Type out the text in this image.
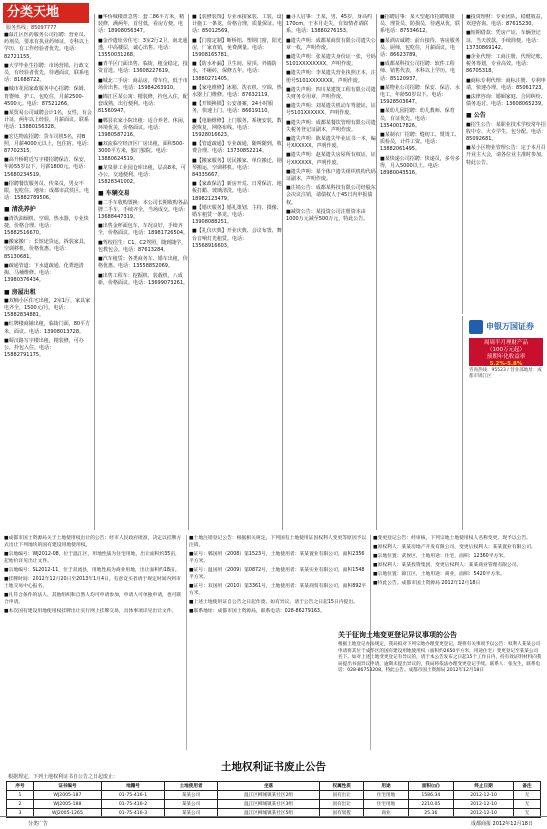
分类天地
服务热线：85097777

■温江区医药服务公司招聘：营业员、药剂员，要求有执业药师证，专科以上学历，有工作经验者优先。电话：82721155。

■大学毕业生招聘：市场营销、行政文员，有经验者优先，待遇面议，联系电话：81688722。

■城市花园家政服务中心招聘：保姆、育婴师、护工，包吃住，月薪2500-4500元。电话：87521266。

■某贸易公司诚聘会计1名，女性，有会计证，两年以上经验，月薪面议。联系电话：13880156328。

■宏达物流招聘：货车司机5名，持B照，月薪4000元以上，包住宿。电话：87702315。

■高升桥附近写字楼招聘保洁、保安，年龄55岁以下，月薪1800元。电话：15680234519。

■招聘餐饮服务员、传菜员，男女不限，包吃住。地址：成都市武侯区。电话：15882789506。

■ 清洗养护

■清洗油烟机、空调、热水器，专业快捷，价格合理。电话：15882516670。

■搬家搬厂：长短途货运，拆装家具，空调移机，价格优惠。电话：85130681。

■疏通管道：下水道疏通、化粪池清掏、马桶维修。电话：13980376434。

■ 房屋出租

■双楠小区住宅出租，2室1厅，家具家电齐全，1500元/月。电话：15882834881。

■红牌楼商铺出租，临街门面，80平方米，面议。电话：13908013728。

■蜀汉路写字楼出租，精装修，可办公，拎包入住。电话：15882791175。

■华侨城楼盘急售：套二86平方米，精装修，满两年，首付低，看房方便。电话：18908056347。

■金沙遗址旁住宅：3室2厅2卫，南北通透，中高楼层，诚心出售。电话：13550031268。

■青羊区门面出售，临街，租金稳定，投资首选。电话：13608227619。

■城北二手房：商品房，带车位，低于市场价出售。电话：15984263910。

■锦江区某公寓：精装修，拎包入住，配套成熟，出行便利。电话：81560947。

■郫县农家小院出租：适合养老、休闲，环境优美，价格面议。电话：13980587216。

■双流临空经济区厂房出租，面积500-3000平方米，独门独院。电话：13880624519。

■龙泉驿工业园仓库出租，层高8米，可办公，交通便利。电话：15828341002。

■ 车辆交易

■二手车收购置换：本公司长期收购各品牌二手车，手续齐全，当场成交。电话：13688447319。

■出售金杯面包车，车况良好，手续齐全，价格面议。电话：18981726504。

■驾校招生：C1、C2驾照，随到随学，包教包会。电话：87613284。

■汽车租赁：各类商务车、婚车出租，价格优惠。电话：13558852069。

■出售工程车：挖掘机、装载机，八成新，价格面议。电话：13699073261。

■【装修装饰】专业承接家装、工装，设计施工一条龙，价格合理，质量保证。电话：85012569。

■【门窗定制】断桥铝、塑钢门窗，阳光房，厂家直销，免费测量。电话：15908165781。

■【防水补漏】卫生间、屋顶、外墙防水，不砸砖，保修五年。电话：13880271405。

■【家电维修】冰箱、洗衣机、空调、热水器上门维修。电话：87632119。

■【开锁换锁】公安备案，24小时服务，快速上门。电话：86619110。

■【电脑维修】上门服务，系统安装，数据恢复，网络布线。电话：15928016623。

■【管道疏通】专业疏通，随叫随到，收费合理。电话：13730852214。

■【搬家服务】居民搬家、单位搬迁，钢琴搬运，空调移机。电话：84335667。

■【家政保洁】新房开荒、日常保洁、地板打蜡、玻璃清洗。电话：18982123479。

■【婚庆服务】婚礼策划、主持、摄像、婚车租赁一条龙。电话：13908088251。

■【礼仪庆典】开业庆典、会议布置、舞台音响灯光租赁。电话：13568916603。

■寻人启事：王某，男，45岁，身高约170cm，于本月走失，有知情者请联系。电话：13880276153。

■遗失声明：成都某商贸有限公司遗失公章一枚，声明作废。

■遗失声明：张某遗失身份证一张，号码5101XXXXXXXX，声明作废。

■遗失声明：李某遗失营业执照正本，注册号5101XXXXXXX，声明作废。

■遗失声明：四川某建筑工程有限公司遗失财务专用章，声明作废。

■遗失声明：刘某遗失机动车驾驶证，证号5101XXXXXX，声明作废。

■遗失声明：成都某餐饮管理有限公司遗失税务登记证副本，声明作废。

■遗失声明：陈某遗失毕业证书一本，编号XXXXXX，声明作废。

■遗失声明：赵某遗失房屋所有权证，证号XXXXXX，声明作废。

■遗失声明：某个体户遗失组织机构代码证副本，声明作废。

■注销公告：成都某科技有限公司经股东会决议注销，请债权人于45日内申报债权。

■减资公告：某投资公司注册资本由1000万元减至500万元，特此公告。

■招聘启事：某大型超市招聘收银员、理货员、防损员，待遇从优，联系电话：87534612。

■某酒店诚聘：前台接待、客房服务员、厨师，包吃住，月薪面议。电话：86623789。

■成都某科技公司招聘：软件工程师、销售代表，本科以上学历。电话：85120937。

■某物业公司招聘：保安、保洁、水电工，年龄50岁以下。电话：15928503647。

■某幼儿园招聘：幼儿教师、保育员，有证优先。电话：13540017826。

■某制衣厂招聘：缝纫工、熨烫工、质检员，计件工资。电话：13882061495。

■某快递公司招聘：快递员，多劳多得，月入5000以上。电话：18980043516。

■投资理财：专业团队，稳健收益，欢迎咨询。电话：87615230。

■短期借款：凭房产证、车辆登记证，当天放款，手续简便。电话：13730869142。

■企业代理：工商注册、代理记账、税务筹划，专业高效。电话：86705318。

■商标专利代理：商标注册、专利申请，快速办理。电话：85061723。

■法律咨询：婚姻家庭、合同纠纷、债务追讨。电话：13608065239。

■ 公告

■招生公告：某职业技术学校常年招收中专、大专学生，包分配。电话：85092681。

■某小区物业管理公告：定于本月召开业主大会，请各位业主准时参加。特此公告。

申银万国证券
周周半月理财产品
（100万元起）
预期年化收益率
5.2%-5.8%
咨询热线：95523 / 营业部地址：成都市锦江区

■成都市国土资源局关于土地使用权出让的公告：经市人民政府批准，决定以挂牌方式出让下列地块的国有建设用地使用权。

■宗地编号：WJ2012-08，位于温江区，用地性质为住宅用地，出让面积约35亩，起始价详见出让文件。

■宗地编号：SL2012-11，位于双流县，用地性质为商业用地，出让面积约18亩。

■挂牌时间：2012年12月20日至2013年1月4日。有意竞买者请于规定时间内到市土地交易中心报名。

■凡符合条件的法人、其他组织和自然人均可申请参加，申请人可单独申请，也可联合申请。

■本次国有建设用地使用权挂牌出让实行网上挂牌交易，具体事项详见出让文件。

■土地注销登记公告：根据相关规定，下列国有土地使用证因权利人变更等原因予以注销。

■证号：郫国用（2008）第1523号，土地使用者：某某置业有限公司，面积2356平方米。

■证号：温国用（2009）第0872号，土地使用者：某某实业有限公司，面积1548平方米。

■证号：双国用（2010）第3361号，土地使用者：某某商贸有限公司，面积892平方米。

■上述土地使用证自公告之日起作废，如有异议，请于公告之日起15日内提出。

■联系地址：成都市国土资源局，联系电话：028-86279163。

■变更登记公告：经审核，下列宗地土地使用权人名称变更，现予以公告。

■原权利人：某某房地产开发有限公司，变更后权利人：某某置业有限公司。

■宗地位置：武侯区，土地用途：住宅，面积：12360平方米。

■原权利人：某某投资集团，变更后权利人：某某商业管理有限公司。

■宗地位置：锦江区，土地用途：商业，面积：5420平方米。

■特此公告。成都市国土资源局 2012年12月18日

关于征询土地变更登记异议事项的公告
根据土地登记办法规定，我局拟对下列宗地办理变更登记，现将有关事项予以公告：权利人某某公司申请将其位于成华区的国有建设用地使用权（面积约2650平方米，用途住宅）变更登记至某某公司名下。如对上述土地变更登记有异议的，请于本公告发布之日起15个工作日内，持有效证明材料向我局提出书面异议申请，逾期未提出异议的，我局将依法办理变更登记手续。联系人：张先生，联系电话：028-86753208。特此公告。成都市国土资源局 2012年12月18日
土地权利证书废止公告
根据规定，下列土地权利证书自公告之日起废止：
序号	证书编号	地籍号	土地使用者	坐落	权属性质	用途	面积(㎡)	终止日期	备注
1	WJ2005-187	01-75-416-1	某某公司	温江区柳城镇某社区2组	国有出让	住宅用地	1586.34	2012-12-10	无
2	WJ2005-188	01-75-416-2	某某公司	温江区柳城镇某社区3组	国有出让	住宅用地	2210.05	2012-12-10	无
3	WJ2005-1265	01-75-416-3	某某公司	温江区柳城镇某社区5组	国有划拨	商业	25.36	2012-12-10	无
分类广告	成都商报 2012年12月18日
